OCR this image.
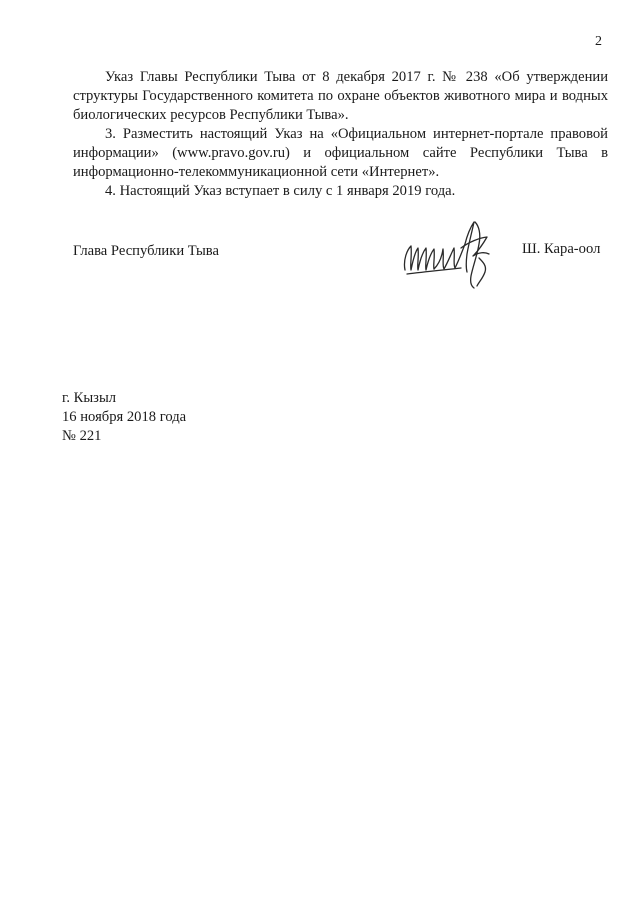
2

Указ Главы Республики Тыва от 8 декабря 2017 г. № 238 «Об утверждении структуры Государственного комитета по охране объектов животного мира и водных биологических ресурсов Республики Тыва».

3. Разместить настоящий Указ на «Официальном интернет-портале правовой информации» (www.pravo.gov.ru) и официальном сайте Республики Тыва в информационно-телекоммуникационной сети «Интернет».

4. Настоящий Указ вступает в силу с 1 января 2019 года.

Глава Республики Тыва	Ш. Кара-оол
г. Кызыл
16 ноября 2018 года
№ 221
